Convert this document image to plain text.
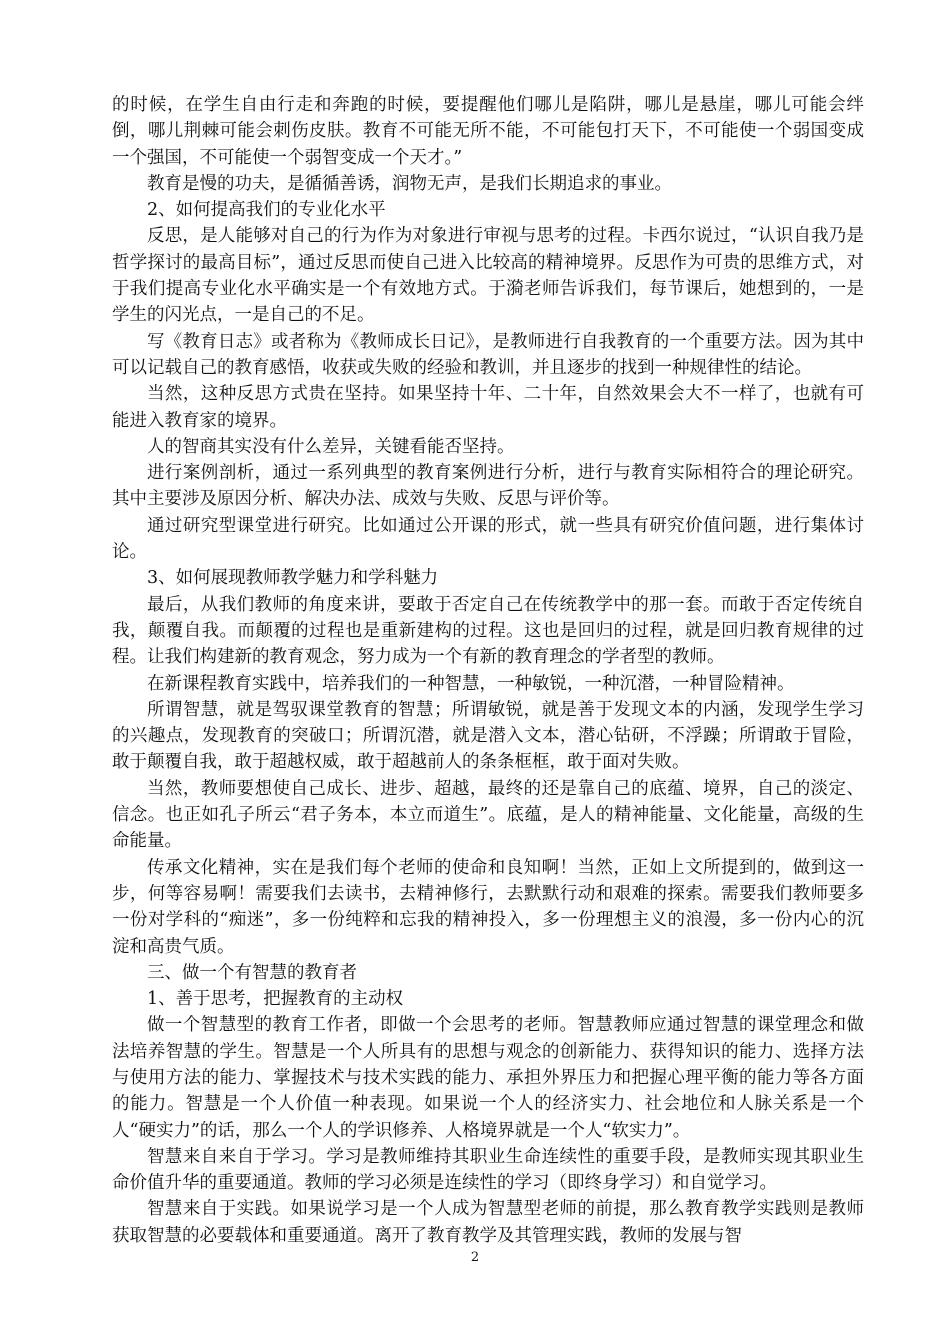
的时候，在学生自由行走和奔跑的时候，要提醒他们哪儿是陷阱，哪儿是悬崖，哪儿可能会绊倒，哪儿荆棘可能会刺伤皮肤。教育不可能无所不能，不可能包打天下，不可能使一个弱国变成一个强国，不可能使一个弱智变成一个天才。”

教育是慢的功夫，是循循善诱，润物无声，是我们长期追求的事业。

2、如何提高我们的专业化水平

反思，是人能够对自己的行为作为对象进行审视与思考的过程。卡西尔说过，“认识自我乃是哲学探讨的最高目标”，通过反思而使自己进入比较高的精神境界。反思作为可贵的思维方式，对于我们提高专业化水平确实是一个有效地方式。于漪老师告诉我们，每节课后，她想到的，一是学生的闪光点，一是自己的不足。

写《教育日志》或者称为《教师成长日记》，是教师进行自我教育的一个重要方法。因为其中可以记载自己的教育感悟，收获或失败的经验和教训，并且逐步的找到一种规律性的结论。

当然，这种反思方式贵在坚持。如果坚持十年、二十年，自然效果会大不一样了，也就有可能进入教育家的境界。

人的智商其实没有什么差异，关键看能否坚持。

进行案例剖析，通过一系列典型的教育案例进行分析，进行与教育实际相符合的理论研究。其中主要涉及原因分析、解决办法、成效与失败、反思与评价等。

通过研究型课堂进行研究。比如通过公开课的形式，就一些具有研究价值问题，进行集体讨论。

3、如何展现教师教学魅力和学科魅力

最后，从我们教师的角度来讲，要敢于否定自己在传统教学中的那一套。而敢于否定传统自我，颠覆自我。而颠覆的过程也是重新建构的过程。这也是回归的过程，就是回归教育规律的过程。让我们构建新的教育观念，努力成为一个有新的教育理念的学者型的教师。

在新课程教育实践中，培养我们的一种智慧，一种敏锐，一种沉潜，一种冒险精神。

所谓智慧，就是驾驭课堂教育的智慧；所谓敏锐，就是善于发现文本的内涵，发现学生学习的兴趣点，发现教育的突破口；所谓沉潜，就是潜入文本，潜心钻研，不浮躁；所谓敢于冒险，敢于颠覆自我，敢于超越权威，敢于超越前人的条条框框，敢于面对失败。

当然，教师要想使自己成长、进步、超越，最终的还是靠自己的底蕴、境界，自己的淡定、信念。也正如孔子所云“君子务本，本立而道生”。底蕴，是人的精神能量、文化能量，高级的生命能量。

传承文化精神，实在是我们每个老师的使命和良知啊！当然，正如上文所提到的，做到这一步，何等容易啊！需要我们去读书，去精神修行，去默默行动和艰难的探索。需要我们教师要多一份对学科的“痴迷”，多一份纯粹和忘我的精神投入，多一份理想主义的浪漫，多一份内心的沉淀和高贵气质。

三、做一个有智慧的教育者

1、善于思考，把握教育的主动权

做一个智慧型的教育工作者，即做一个会思考的老师。智慧教师应通过智慧的课堂理念和做法培养智慧的学生。智慧是一个人所具有的思想与观念的创新能力、获得知识的能力、选择方法与使用方法的能力、掌握技术与技术实践的能力、承担外界压力和把握心理平衡的能力等各方面的能力。智慧是一个人价值一种表现。如果说一个人的经济实力、社会地位和人脉关系是一个人“硬实力”的话，那么一个人的学识修养、人格境界就是一个人“软实力”。

智慧来自来自于学习。学习是教师维持其职业生命连续性的重要手段，是教师实现其职业生命价值升华的重要通道。教师的学习必须是连续性的学习（即终身学习）和自觉学习。

智慧来自于实践。如果说学习是一个人成为智慧型老师的前提，那么教育教学实践则是教师获取智慧的必要载体和重要通道。离开了教育教学及其管理实践，教师的发展与智

2
